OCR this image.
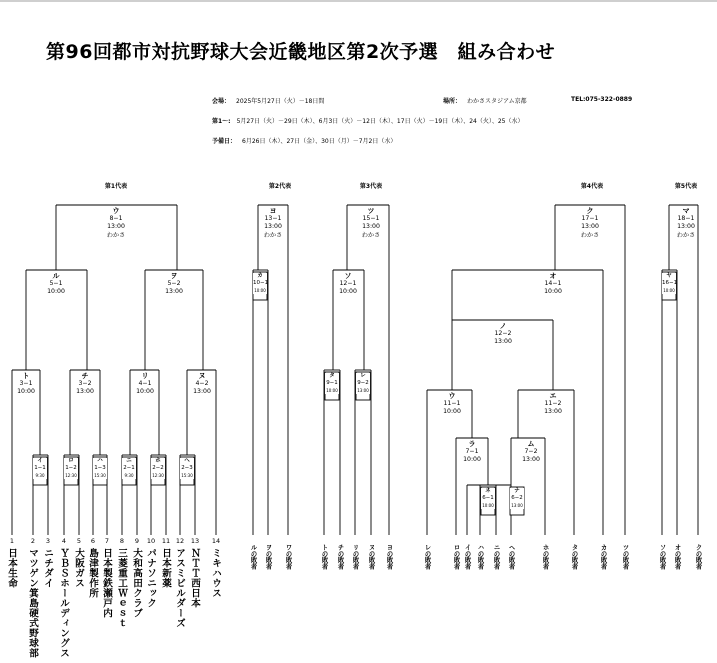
第96回都市対抗野球大会近畿地区第2次予選　組み合わせ
会場： 2025年5月27日（火）－18日間	場所： わかさスタジアム京都	TEL:075-322-0889
第1～: 5月27日（火）－29日（木）、6月3日（火）－12日（木）、17日（火）－19日（木）、24（火）、25（水）
予備日： 6月26日（木）、27日（金）、30日（月）－7月2日（水）
1	2	3	4	5	6	7	8	9	10	11 12	13	14
日本生命 マツゲン箕島硬式野球部 ニチダイ ＹＢＳホールディングス 大阪ガス 島津製作所 日本製鉄瀬戸内 三菱重工Ｗｅｓｔ 大和高田クラブ パナソニック 日本新薬 アスミビルダーズ ＮＴＴ西日本 ミキハウス	ルの敗者 ヲの敗者 ワの敗者	トの敗者 チの敗者 リの敗者 ヌの敗者 ヨの敗者	レの敗者	ロの敗者 イの敗者 ハの敗者 ニの敗者 ヘの敗者	ホの敗者	タの敗者	カの敗者 ツの敗者	ソの敗者 オの敗者 クの敗者
第1代表	第2代表	第3代表	第4代表	第5代表
ウ
8−1
13:00
わかさ
ル
5−1
10:00
ヲ
5−2
13:00
ト
3−1
10:00
チ
3−2
13:00
リ
4−1
10:00
ヌ
4−2
13:00
ヨ
13−1
13:00
わかさ
ツ
15−1
13:00
わかさ
ソ
12−1
10:00
ク
17−1
13:00
わかさ
オ
14−1
10:00
ノ
12−2
13:00
ウ
11−1
10:00
エ
11−2
13:00
ラ
7−1
10:00
ム
7−2
13:00
マ
18−1
13:00
わかさ
イ
1−1
9:30
ロ
1−2
12:30
ハ
1−3
15:30
ニ
2−1
9:30
ホ
2−2
12:30
ヘ
2−3
15:30
カ
10−1
10:00
タ
9−1
10:00
レ
9−2
13:00
ネ
6−1
10:00
ナ
6−2
13:00
ヤ
16−1
10:00
